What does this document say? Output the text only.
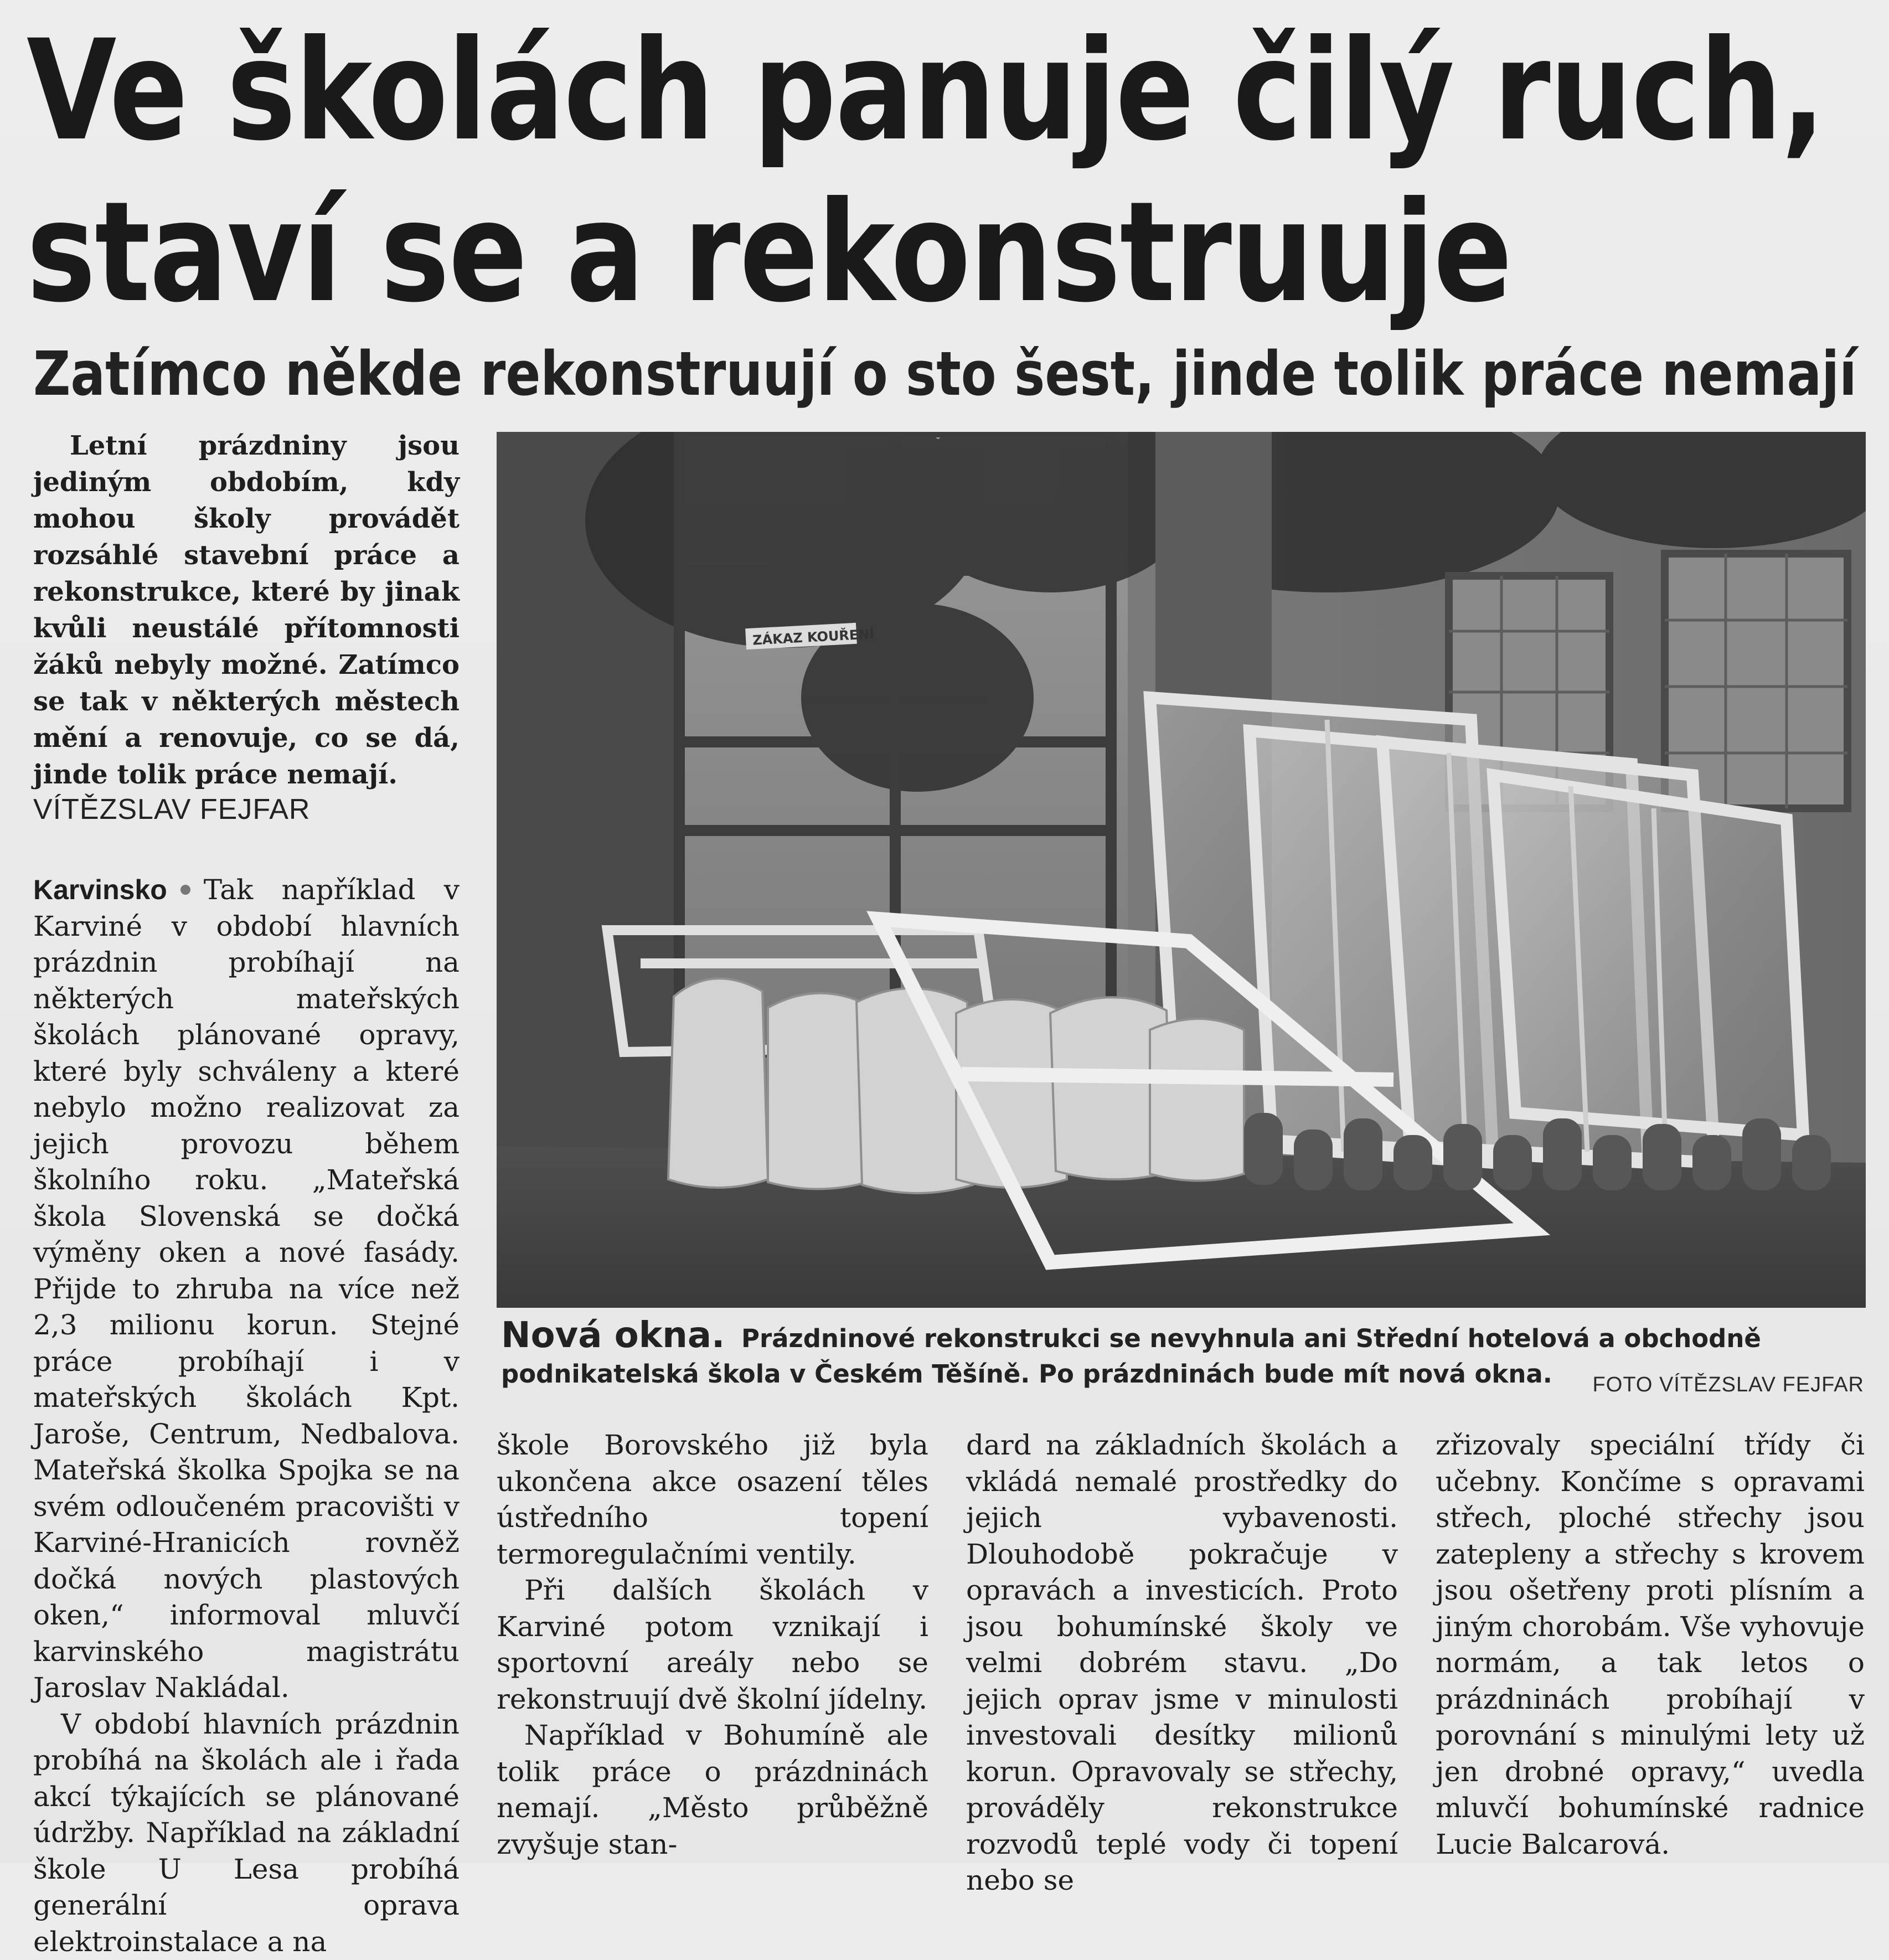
Ve školách panuje čilý ruch,
staví se a rekonstruuje
Zatímco někde rekonstruují o sto šest, jinde tolik práce nemají

Letní prázdniny jsou jediným obdobím, kdy mohou školy provádět rozsáhlé stavební práce a rekonstrukce, které by jinak kvůli neustálé přítomnosti žáků nebyly možné. Zatímco se tak v některých městech mění a renovuje, co se dá, jinde tolik práce nemají.

VÍTĚZSLAV FEJFAR

Karvinsko Tak například v Karviné v období hlavních prázdnin probíhají na některých mateřských školách plánované opravy, které byly schváleny a které nebylo možno realizovat za jejich provozu během školního roku. „Mateřská škola Slovenská se dočká výměny oken a nové fasády. Přijde to zhruba na více než 2,3 milionu korun. Stejné práce probíhají i v mateřských školách Kpt. Jaroše, Centrum, Nedbalova. Mateřská školka Spojka se na svém odloučeném pracovišti v Karviné-Hranicích rovněž dočká nových plastových oken,“ informoval mluvčí karvinského magistrátu Jaroslav Nakládal.

V období hlavních prázdnin probíhá na školách ale i řada akcí týkajících se plánované údržby. Například na základní škole U Lesa probíhá generální oprava elektroinstalace a na

ZÁKAZ KOUŘENÍ
Nová okna. Prázdninové rekonstrukci se nevyhnula ani Střední hotelová a obchodně podnikatelská škola v Českém Těšíně. Po prázdninách bude mít nová okna.	FOTO VÍTĚZSLAV FEJFAR

škole Borovského již byla ukončena akce osazení těles ústředního topení termoregulačními ventily.

Při dalších školách v Karviné potom vznikají i sportovní areály nebo se rekonstruují dvě školní jídelny.

Například v Bohumíně ale tolik práce o prázdninách nemají. „Město průběžně zvyšuje stan-

dard na základních školách a vkládá nemalé prostředky do jejich vybavenosti. Dlouhodobě pokračuje v opravách a investicích. Proto jsou bohumínské školy ve velmi dobrém stavu. „Do jejich oprav jsme v minulosti investovali desítky milionů korun. Opravovaly se střechy, prováděly rekonstrukce rozvodů teplé vody či topení nebo se

zřizovaly speciální třídy či učebny. Končíme s opravami střech, ploché střechy jsou zatepleny a střechy s krovem jsou ošetřeny proti plísním a jiným chorobám. Vše vyhovuje normám, a tak letos o prázdninách probíhají v porovnání s minulými lety už jen drobné opravy,“ uvedla mluvčí bohumínské radnice Lucie Balcarová.
